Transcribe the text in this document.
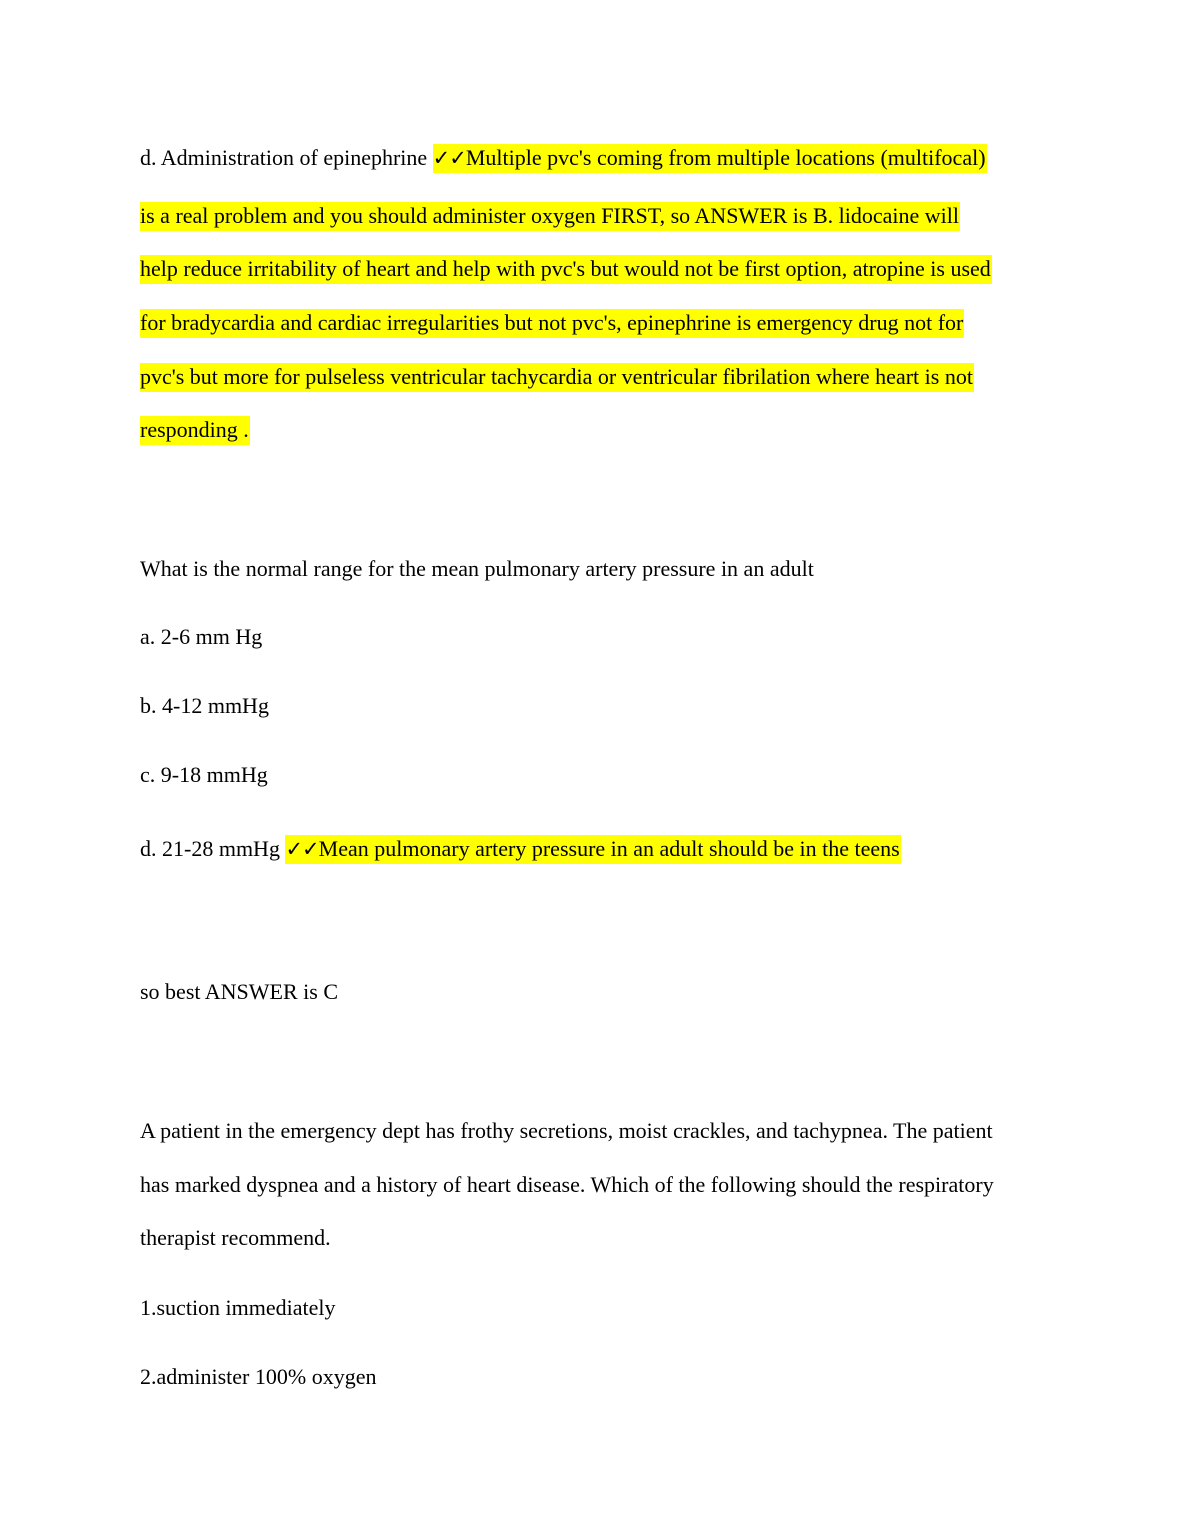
d. Administration of epinephrine ✓✓Multiple pvc's coming from multiple locations (multifocal)
is a real problem and you should administer oxygen FIRST, so ANSWER is B. lidocaine will
help reduce irritability of heart and help with pvc's but would not be first option, atropine is used
for bradycardia and cardiac irregularities but not pvc's, epinephrine is emergency drug not for
pvc's but more for pulseless ventricular tachycardia or ventricular fibrilation where heart is not
responding .
What is the normal range for the mean pulmonary artery pressure in an adult
a. 2-6 mm Hg
b. 4-12 mmHg
c. 9-18 mmHg
d. 21-28 mmHg ✓✓Mean pulmonary artery pressure in an adult should be in the teens
so best ANSWER is C
A patient in the emergency dept has frothy secretions, moist crackles, and tachypnea. The patient
has marked dyspnea and a history of heart disease. Which of the following should the respiratory
therapist recommend.
1.suction immediately
2.administer 100% oxygen
